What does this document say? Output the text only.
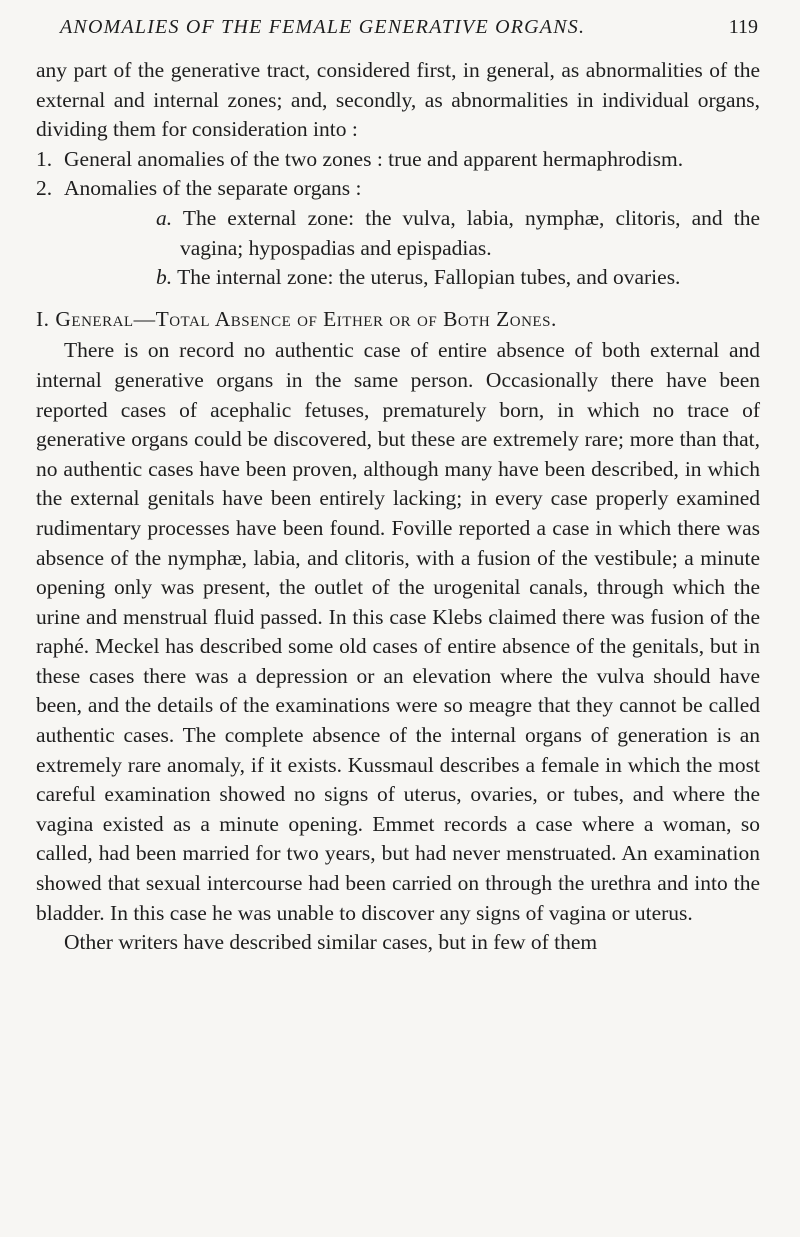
ANOMALIES OF THE FEMALE GENERATIVE ORGANS.	119

any part of the generative tract, considered first, in general, as abnormalities of the external and internal zones; and, secondly, as abnormalities in individual organs, dividing them for consideration into :

1. General anomalies of the two zones : true and apparent hermaphrodism.

2. Anomalies of the separate organs :

a. The external zone: the vulva, labia, nymphæ, clitoris, and the vagina; hypospadias and epispadias.

b. The internal zone: the uterus, Fallopian tubes, and ovaries.

I. General—Total Absence of Either or of Both Zones.

There is on record no authentic case of entire absence of both external and internal generative organs in the same person. Occasionally there have been reported cases of acephalic fetuses, prematurely born, in which no trace of generative organs could be discovered, but these are extremely rare; more than that, no authentic cases have been proven, although many have been described, in which the external genitals have been entirely lacking; in every case properly examined rudimentary processes have been found. Foville reported a case in which there was absence of the nymphæ, labia, and clitoris, with a fusion of the vestibule; a minute opening only was present, the outlet of the urogenital canals, through which the urine and menstrual fluid passed. In this case Klebs claimed there was fusion of the raphé. Meckel has described some old cases of entire absence of the genitals, but in these cases there was a depression or an elevation where the vulva should have been, and the details of the examinations were so meagre that they cannot be called authentic cases. The complete absence of the internal organs of generation is an extremely rare anomaly, if it exists. Kussmaul describes a female in which the most careful examination showed no signs of uterus, ovaries, or tubes, and where the vagina existed as a minute opening. Emmet records a case where a woman, so called, had been married for two years, but had never menstruated. An examination showed that sexual intercourse had been carried on through the urethra and into the bladder. In this case he was unable to discover any signs of vagina or uterus.

Other writers have described similar cases, but in few of them
